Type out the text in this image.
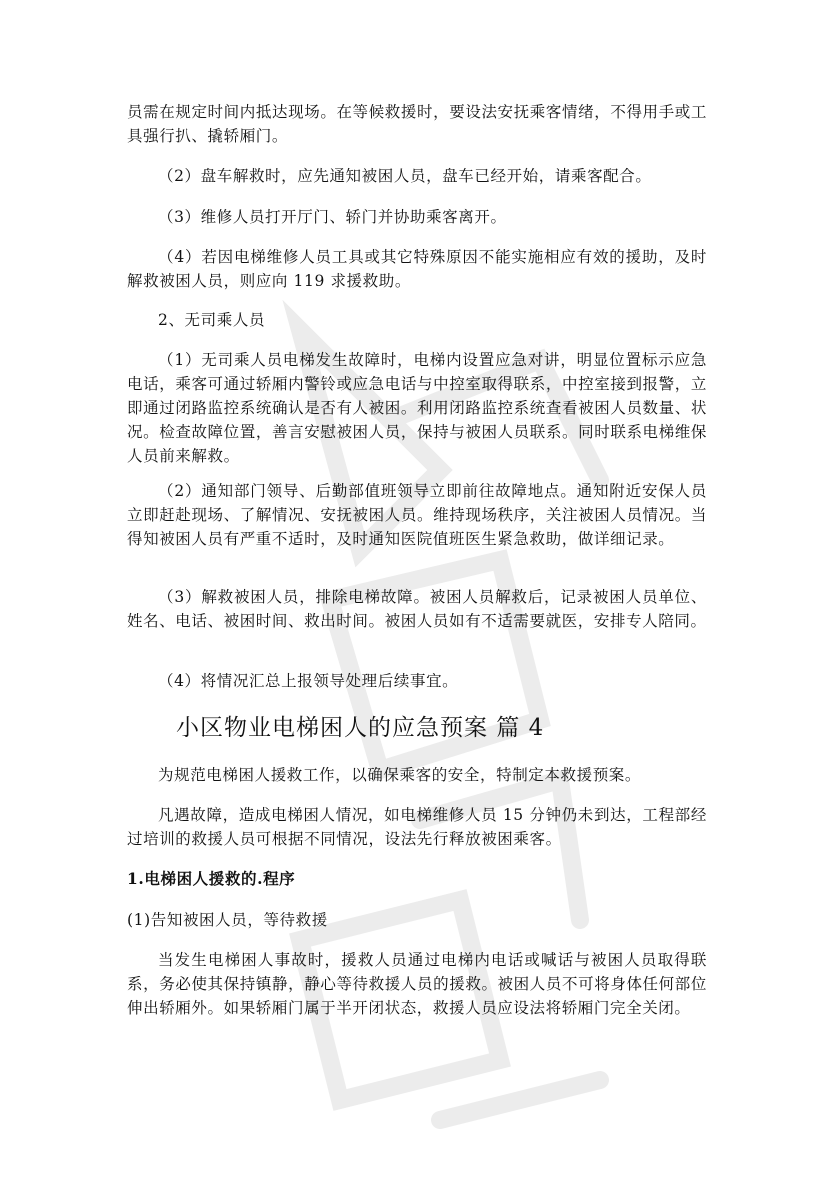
员需在规定时间内抵达现场。在等候救援时，要设法安抚乘客情绪，不得用手或工具强行扒、撬轿厢门。

（2）盘车解救时，应先通知被困人员，盘车已经开始，请乘客配合。

（3）维修人员打开厅门、轿门并协助乘客离开。

（4）若因电梯维修人员工具或其它特殊原因不能实施相应有效的援助，及时解救被困人员，则应向 119 求援救助。

2、无司乘人员

（1）无司乘人员电梯发生故障时，电梯内设置应急对讲，明显位置标示应急电话，乘客可通过轿厢内警铃或应急电话与中控室取得联系，中控室接到报警，立即通过闭路监控系统确认是否有人被困。利用闭路监控系统查看被困人员数量、状况。检查故障位置，善言安慰被困人员，保持与被困人员联系。同时联系电梯维保人员前来解救。

（2）通知部门领导、后勤部值班领导立即前往故障地点。通知附近安保人员立即赶赴现场、了解情况、安抚被困人员。维持现场秩序，关注被困人员情况。当得知被困人员有严重不适时，及时通知医院值班医生紧急救助，做详细记录。

（3）解救被困人员，排除电梯故障。被困人员解救后，记录被困人员单位、姓名、电话、被困时间、救出时间。被困人员如有不适需要就医，安排专人陪同。

（4）将情况汇总上报领导处理后续事宜。

小区物业电梯困人的应急预案 篇 4

为规范电梯困人援救工作，以确保乘客的安全，特制定本救援预案。

凡遇故障，造成电梯困人情况，如电梯维修人员 15 分钟仍未到达，工程部经过培训的救援人员可根据不同情况，设法先行释放被困乘客。

1.电梯困人援救的.程序

(1)告知被困人员，等待救援

当发生电梯困人事故时，援救人员通过电梯内电话或喊话与被困人员取得联系，务必使其保持镇静，静心等待救援人员的援救。被困人员不可将身体任何部位伸出轿厢外。如果轿厢门属于半开闭状态，救援人员应设法将轿厢门完全关闭。
